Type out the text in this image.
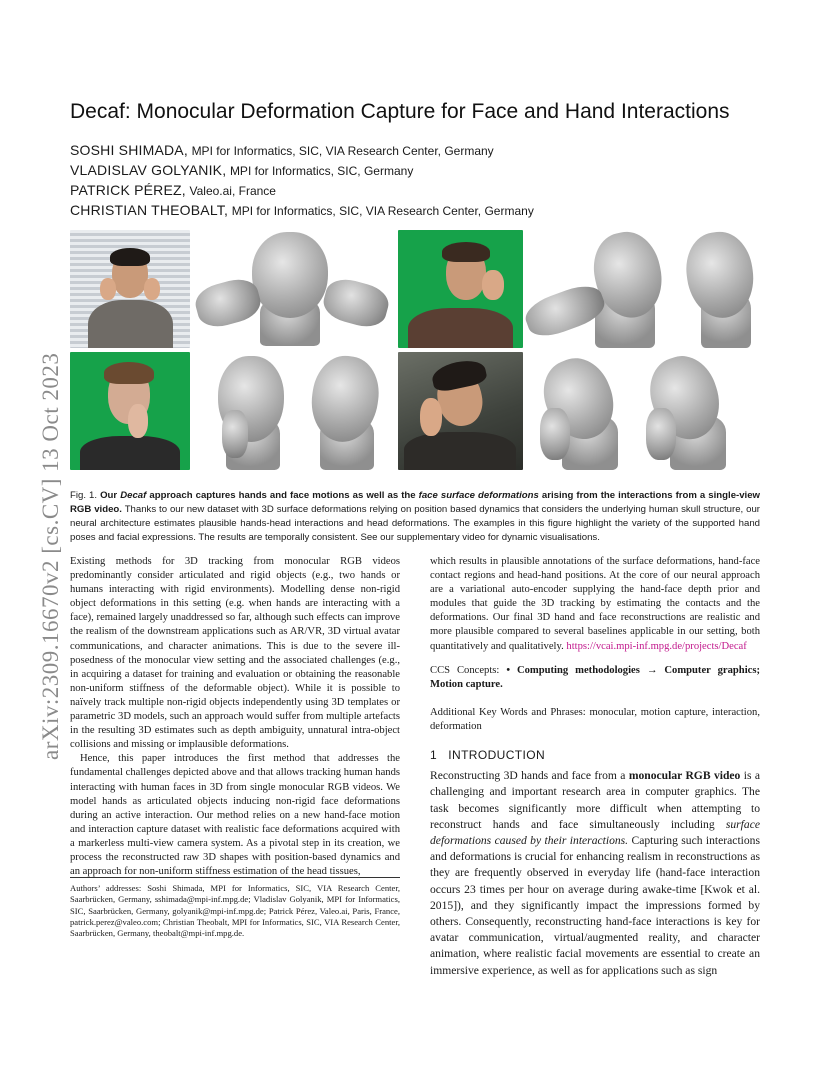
arXiv:2309.16670v2 [cs.CV] 13 Oct 2023
Decaf: Monocular Deformation Capture for Face and Hand Interactions
SOSHI SHIMADA, MPI for Informatics, SIC, VIA Research Center, Germany
VLADISLAV GOLYANIK, MPI for Informatics, SIC, Germany
PATRICK PÉREZ, Valeo.ai, France
CHRISTIAN THEOBALT, MPI for Informatics, SIC, VIA Research Center, Germany
Fig. 1. Our Decaf approach captures hands and face motions as well as the face surface deformations arising from the interactions from a single-view RGB video. Thanks to our new dataset with 3D surface deformations relying on position based dynamics that considers the underlying human skull structure, our neural architecture estimates plausible hands-head interactions and head deformations. The examples in this figure highlight the variety of the supported hand poses and facial expressions. The results are temporally consistent. See our supplementary video for dynamic visualisations.

Existing methods for 3D tracking from monocular RGB videos predominantly consider articulated and rigid objects (e.g., two hands or humans interacting with rigid environments). Modelling dense non-rigid object deformations in this setting (e.g. when hands are interacting with a face), remained largely unaddressed so far, although such effects can improve the realism of the downstream applications such as AR/VR, 3D virtual avatar communications, and character animations. This is due to the severe ill-posedness of the monocular view setting and the associated challenges (e.g., in acquiring a dataset for training and evaluation or obtaining the reasonable non-uniform stiffness of the deformable object). While it is possible to naïvely track multiple non-rigid objects independently using 3D templates or parametric 3D models, such an approach would suffer from multiple artefacts in the resulting 3D estimates such as depth ambiguity, unnatural intra-object collisions and missing or implausible deformations.

Hence, this paper introduces the first method that addresses the fundamental challenges depicted above and that allows tracking human hands interacting with human faces in 3D from single monocular RGB videos. We model hands as articulated objects inducing non-rigid face deformations during an active interaction. Our method relies on a new hand-face motion and interaction capture dataset with realistic face deformations acquired with a markerless multi-view camera system. As a pivotal step in its creation, we process the reconstructed raw 3D shapes with position-based dynamics and an approach for non-uniform stiffness estimation of the head tissues,

Authors’ addresses: Soshi Shimada, MPI for Informatics, SIC, VIA Research Center, Saarbrücken, Germany, sshimada@mpi-inf.mpg.de; Vladislav Golyanik, MPI for Informatics, SIC, Saarbrücken, Germany, golyanik@mpi-inf.mpg.de; Patrick Pérez, Valeo.ai, Paris, France, patrick.perez@valeo.com; Christian Theobalt, MPI for Informatics, SIC, VIA Research Center, Saarbrücken, Germany, theobalt@mpi-inf.mpg.de.

which results in plausible annotations of the surface deformations, hand-face contact regions and head-hand positions. At the core of our neural approach are a variational auto-encoder supplying the hand-face depth prior and modules that guide the 3D tracking by estimating the contacts and the deformations. Our final 3D hand and face reconstructions are realistic and more plausible compared to several baselines applicable in our setting, both quantitatively and qualitatively. https://vcai.mpi-inf.mpg.de/projects/Decaf

CCS Concepts: • Computing methodologies → Computer graphics; Motion capture.

Additional Key Words and Phrases: monocular, motion capture, interaction, deformation

1 INTRODUCTION

Reconstructing 3D hands and face from a monocular RGB video is a challenging and important research area in computer graphics. The task becomes significantly more difficult when attempting to reconstruct hands and face simultaneously including surface deformations caused by their interactions. Capturing such interactions and deformations is crucial for enhancing realism in reconstructions as they are frequently observed in everyday life (hand-face interaction occurs 23 times per hour on average during awake-time [Kwok et al. 2015]), and they significantly impact the impressions formed by others. Consequently, reconstructing hand-face interactions is key for avatar communication, virtual/augmented reality, and character animation, where realistic facial movements are essential to create an immersive experience, as well as for applications such as sign
